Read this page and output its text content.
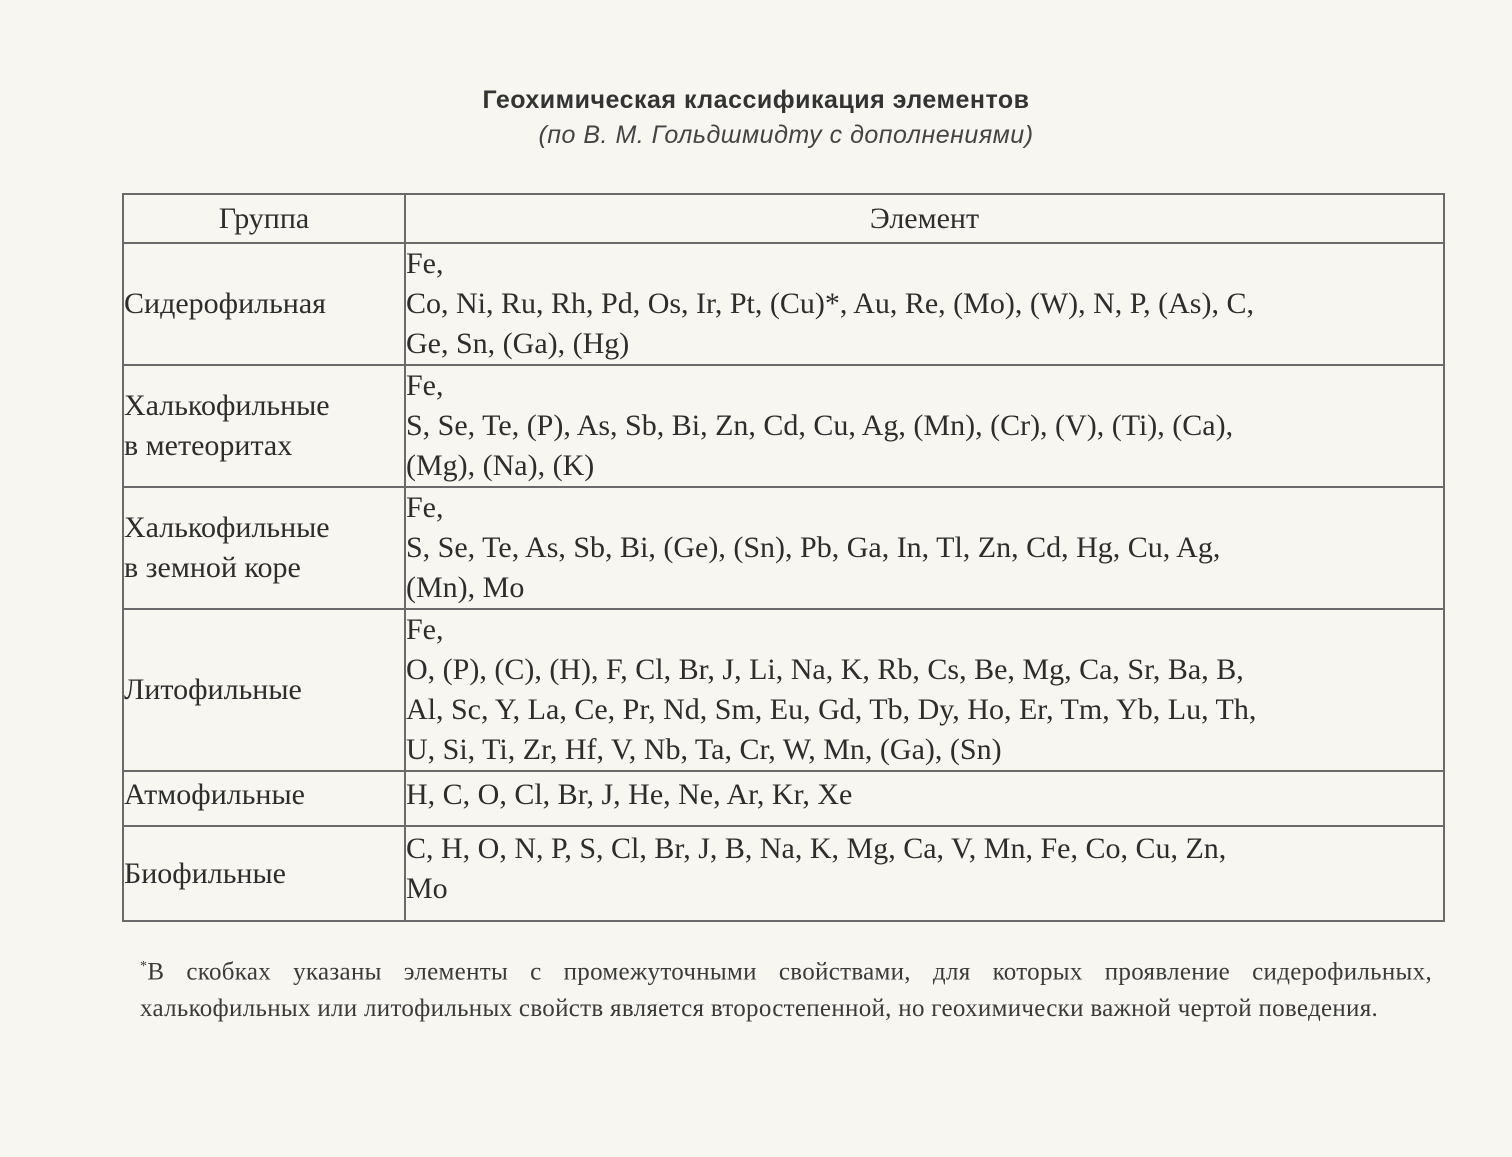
Геохимическая классификация элементов
(по В. М. Гольдшмидту с дополнениями)
Группа	Элемент

Сидерофильная	Fe,
Co, Ni, Ru, Rh, Pd, Os, Ir, Pt, (Cu)*, Au, Re, (Mo), (W), N, P, (As), C,
Ge, Sn, (Ga), (Hg)

Халькофильные
в метеоритах	Fe,
S, Se, Te, (P), As, Sb, Bi, Zn, Cd, Cu, Ag, (Mn), (Cr), (V), (Ti), (Ca),
(Mg), (Na), (K)

Халькофильные
в земной коре	Fe,
S, Se, Te, As, Sb, Bi, (Ge), (Sn), Pb, Ga, In, Tl, Zn, Cd, Hg, Cu, Ag,
(Mn), Mo

Литофильные	Fe,
O, (P), (C), (H), F, Cl, Br, J, Li, Na, K, Rb, Cs, Be, Mg, Ca, Sr, Ba, B,
Al, Sc, Y, La, Ce, Pr, Nd, Sm, Eu, Gd, Tb, Dy, Ho, Er, Tm, Yb, Lu, Th,
U, Si, Ti, Zr, Hf, V, Nb, Ta, Cr, W, Mn, (Ga), (Sn)

Атмофильные	H, C, O, Cl, Br, J, He, Ne, Ar, Kr, Xe

Биофильные	C, H, O, N, P, S, Cl, Br, J, B, Na, K, Mg, Ca, V, Mn, Fe, Co, Cu, Zn,
Mo
*В скобках указаны элементы с промежуточными свойствами, для которых проявление сидерофильных, халькофильных или литофильных свойств является второстепенной, но геохимически важной чертой поведения.
